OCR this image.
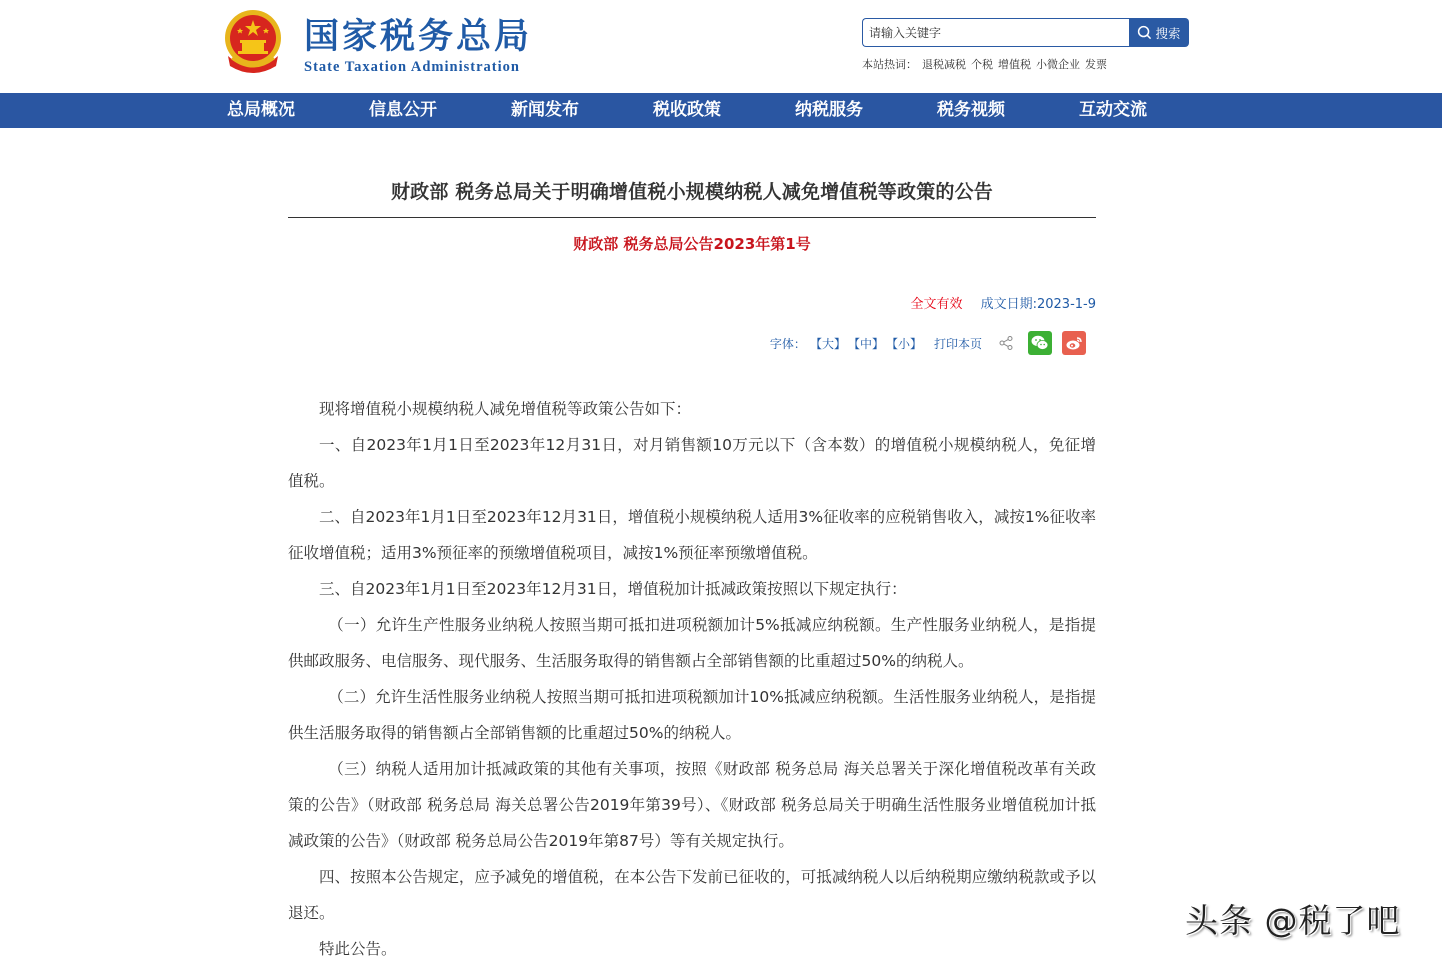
国家税务总局
State Taxation Administration
请输入关键字
搜索
本站热词： 退税减税 个税 增值税 小微企业 发票
总局概况	信息公开	新闻发布	税收政策	纳税服务	税务视频	互动交流
财政部 税务总局关于明确增值税小规模纳税人减免增值税等政策的公告
财政部 税务总局公告2023年第1号
全文有效 成文日期:2023-1-9
字体： 【大】 【中】 【小】 打印本页

现将增值税小规模纳税人减免增值税等政策公告如下：

一、自2023年1月1日至2023年12月31日，对月销售额10万元以下（含本数）的增值税小规模纳税人，免征增值税。

二、自2023年1月1日至2023年12月31日，增值税小规模纳税人适用3%征收率的应税销售收入，减按1%征收率征收增值税；适用3%预征率的预缴增值税项目，减按1%预征率预缴增值税。

三、自2023年1月1日至2023年12月31日，增值税加计抵减政策按照以下规定执行：

（一）允许生产性服务业纳税人按照当期可抵扣进项税额加计5%抵减应纳税额。生产性服务业纳税人，是指提供邮政服务、电信服务、现代服务、生活服务取得的销售额占全部销售额的比重超过50%的纳税人。

（二）允许生活性服务业纳税人按照当期可抵扣进项税额加计10%抵减应纳税额。生活性服务业纳税人，是指提供生活服务取得的销售额占全部销售额的比重超过50%的纳税人。

（三）纳税人适用加计抵减政策的其他有关事项，按照《财政部 税务总局 海关总署关于深化增值税改革有关政策的公告》（财政部 税务总局 海关总署公告2019年第39号）、《财政部 税务总局关于明确生活性服务业增值税加计抵减政策的公告》（财政部 税务总局公告2019年第87号）等有关规定执行。

四、按照本公告规定，应予减免的增值税，在本公告下发前已征收的，可抵减纳税人以后纳税期应缴纳税款或予以退还。

特此公告。

头条 @税了吧
